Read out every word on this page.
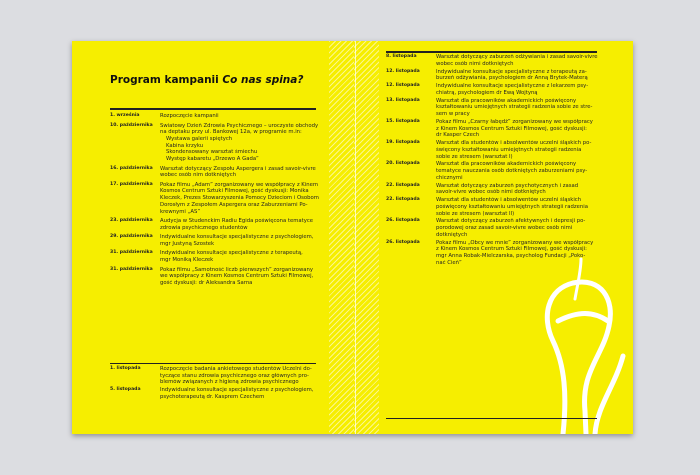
Program kampanii Co nas spina?
1. września	Rozpoczęcie kampanii
10. października	Światowy Dzień Zdrowia Psychicznego – uroczyste obchody
na deptaku przy ul. Bankowej 12a, w programie m.in:
Wystawa galerii spiętych
Kabina krzyku
Skondensowany warsztat śmiechu
Występ kabaretu „Drzewo A Gada”
16. października	Warsztat dotyczący Zespołu Aspergera i zasad savoir-vivre
wobec osób nim dotkniętych
17. października	Pokaz filmu „Adam” zorganizowany we współpracy z Kinem
Kosmos Centrum Sztuki Filmowej, gość dyskusji: Monika
Kleczek, Prezes Stowarzyszenia Pomocy Dzieciom i Osobom
Dorosłym z Zespołem Aspergera oraz Zaburzeniami Po-
krewnymi „AS”
23. października	Audycja w Studenckim Radiu Egida poświęcona tematyce
zdrowia psychicznego studentów
29. października	Indywidualne konsultacje specjalistyczne z psychologiem,
mgr Justyną Szostek
31. października	Indywidualne konsultacje specjalistyczne z terapeutą,
mgr Moniką Kleczek
31. października	Pokaz filmu „Samotność liczb pierwszych” zorganizowany
we współpracy z Kinem Kosmos Centrum Sztuki Filmowej,
gość dyskusji: dr Aleksandra Sarna
1. listopada	Rozpoczęcie badania ankietowego studentów Uczelni do-
tyczące stanu zdrowia psychicznego oraz głównych pro-
blemów związanych z higieną zdrowia psychicznego
5. listopada	Indywidualne konsultacje specjalistyczne z psychologiem,
psychoterapeutą dr. Kasprem Czechem
8. listopada	Warsztat dotyczący zaburzeń odżywiania i zasad savoir-vivre
wobec osób nimi dotkniętych
12. listopada	Indywidualne konsultacje specjalistyczne z terapeutą za-
burzeń odżywiania, psychologiem dr Anną Brytek-Materą
12. listopada	Indywidualne konsultacje specjalistyczne z lekarzem psy-
chiatrą, psychologiem dr Ewą Wojtyną
13. listopada	Warsztat dla pracowników akademickich poświęcony
kształtowaniu umiejętnych strategii radzenia sobie ze stre-
sem w pracy
15. listopada	Pokaz filmu „Czarny łabędź” zorganizowany we współpracy
z Kinem Kosmos Centrum Sztuki Filmowej, gość dyskusji:
dr Kasper Czech
19. listopada	Warsztat dla studentów i absolwentów uczelni śląskich po-
święcony kształtowaniu umiejętnych strategii radzenia
sobie ze stresem (warsztat I)
20. listopada	Warsztat dla pracowników akademickich poświęcony
tematyce nauczania osób dotkniętych zaburzeniami psy-
chicznymi
22. listopada	Warsztat dotyczący zaburzeń psychotycznych i zasad
savoir-vivre wobec osób nimi dotkniętych
22. listopada	Warsztat dla studentów i absolwentów uczelni śląskich
poświęcony kształtowaniu umiejętnych strategii radzenia
sobie ze stresem (warsztat II)
26. listopada	Warsztat dotyczący zaburzeń afektywnych i depresji po-
porodowej oraz zasad savoir-vivre wobec osób nimi
dotkniętych
26. listopada	Pokaz filmu „Obcy we mnie” zorganizowany we współpracy
z Kinem Kosmos Centrum Sztuki Filmowej, gość dyskusji:
mgr Anna Robak-Mielczarska, psycholog Fundacji „Poko-
nać Cień”
